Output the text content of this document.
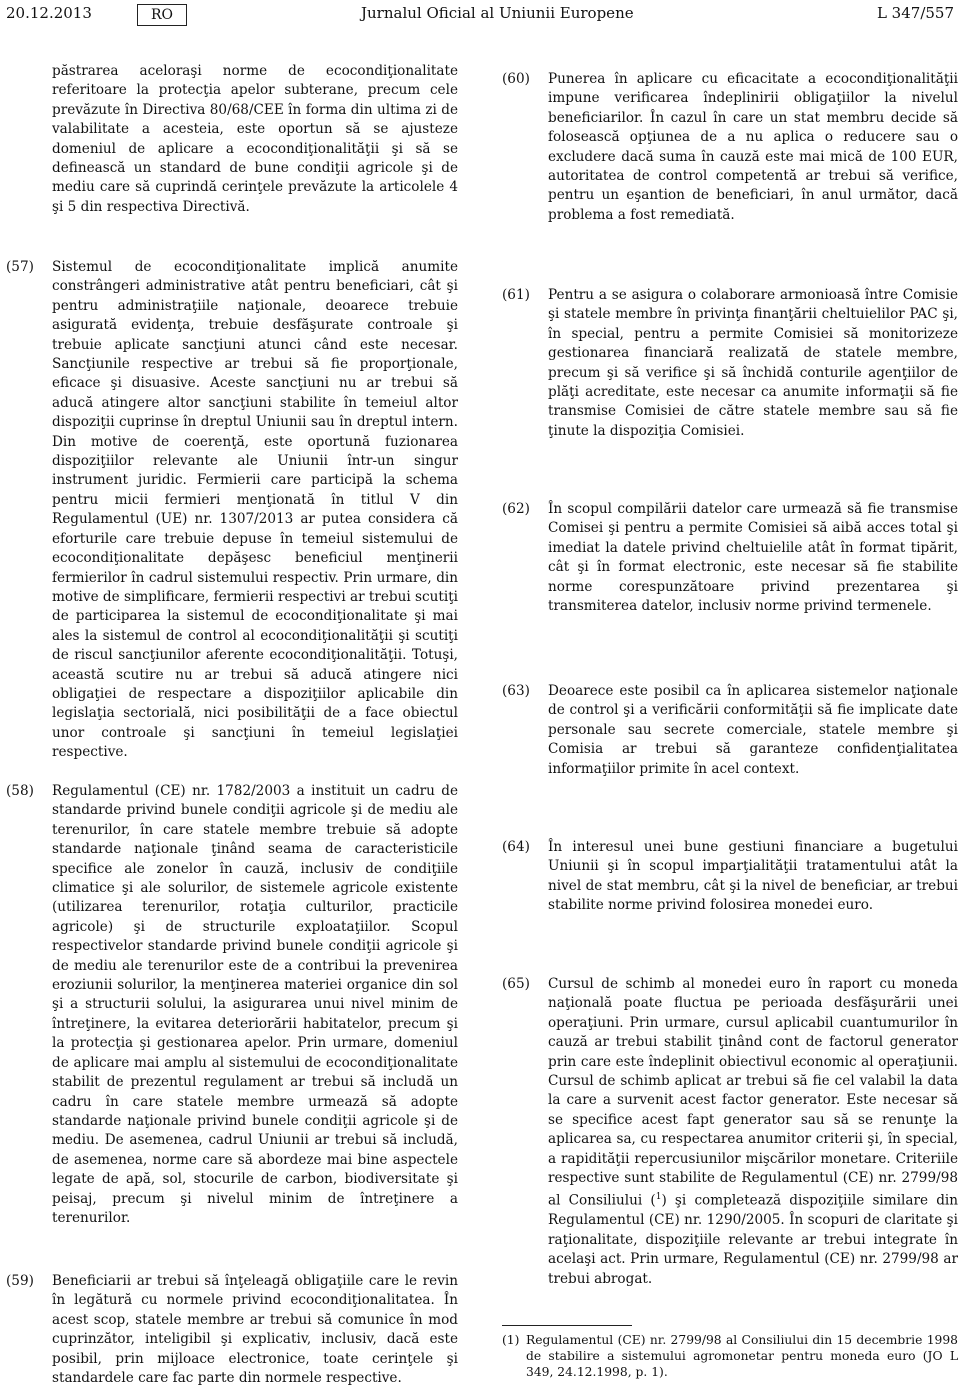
20.12.2013	RO	Jurnalul Oficial al Uniunii Europene	L 347/557
păstrarea aceloraşi norme de ecocondiţionalitate referitoare la protecţia apelor subterane, precum cele prevăzute în Directiva 80/68/CEE în forma din ultima zi de valabilitate a acesteia, este oportun să se ajusteze domeniul de aplicare a ecocondiţionalităţii şi să se definească un standard de bune condiţii agricole şi de mediu care să cuprindă cerinţele prevăzute la articolele 4 şi 5 din respectiva Directivă.
(57) Sistemul de ecocondiţionalitate implică anumite constrângeri administrative atât pentru beneficiari, cât şi pentru administraţiile naţionale, deoarece trebuie asigurată evidenţa, trebuie desfăşurate controale şi trebuie aplicate sancţiuni atunci când este necesar. Sancţiunile respective ar trebui să fie proporţionale, eficace şi disuasive. Aceste sancţiuni nu ar trebui să aducă atingere altor sancţiuni stabilite în temeiul altor dispoziţii cuprinse în dreptul Uniunii sau în dreptul intern. Din motive de coerenţă, este oportună fuzionarea dispoziţiilor relevante ale Uniunii într-un singur instrument juridic. Fermierii care participă la schema pentru micii fermieri menţionată în titlul V din Regulamentul (UE) nr. 1307/2013 ar putea considera că eforturile care trebuie depuse în temeiul sistemului de ecocondiţionalitate depăşesc beneficiul menţinerii fermierilor în cadrul sistemului respectiv. Prin urmare, din motive de simplificare, fermierii respectivi ar trebui scutiţi de participarea la sistemul de ecocondiţionalitate şi mai ales la sistemul de control al ecocondiţionalităţii şi scutiţi de riscul sancţiunilor aferente ecocondiţionalităţii. Totuşi, această scutire nu ar trebui să aducă atingere nici obligaţiei de respectare a dispoziţiilor aplicabile din legislaţia sectorială, nici posibilităţii de a face obiectul unor controale şi sancţiuni în temeiul legislaţiei respective.
(58) Regulamentul (CE) nr. 1782/2003 a instituit un cadru de standarde privind bunele condiţii agricole şi de mediu ale terenurilor, în care statele membre trebuie să adopte standarde naţionale ţinând seama de caracteristicile specifice ale zonelor în cauză, inclusiv de condiţiile climatice şi ale solurilor, de sistemele agricole existente (utilizarea terenurilor, rotaţia culturilor, practicile agricole) şi de structurile exploataţiilor. Scopul respectivelor standarde privind bunele condiţii agricole şi de mediu ale terenurilor este de a contribui la prevenirea eroziunii solurilor, la menţinerea materiei organice din sol şi a structurii solului, la asigurarea unui nivel minim de întreţinere, la evitarea deteriorării habitatelor, precum şi la protecţia şi gestionarea apelor. Prin urmare, domeniul de aplicare mai amplu al sistemului de ecocondiţionalitate stabilit de prezentul regulament ar trebui să includă un cadru în care statele membre urmează să adopte standarde naţionale privind bunele condiţii agricole şi de mediu. De asemenea, cadrul Uniunii ar trebui să includă, de asemenea, norme care să abordeze mai bine aspectele legate de apă, sol, stocurile de carbon, biodiversitate şi peisaj, precum şi nivelul minim de întreţinere a terenurilor.
(59) Beneficiarii ar trebui să înţeleagă obligaţiile care le revin în legătură cu normele privind ecocondiţionalitatea. În acest scop, statele membre ar trebui să comunice în mod cuprinzător, inteligibil şi explicativ, inclusiv, dacă este posibil, prin mijloace electronice, toate cerinţele şi standardele care fac parte din normele respective.
(60) Punerea în aplicare cu eficacitate a ecocondiţionalităţii impune verificarea îndeplinirii obligaţiilor la nivelul beneficiarilor. În cazul în care un stat membru decide să folosească opţiunea de a nu aplica o reducere sau o excludere dacă suma în cauză este mai mică de 100 EUR, autoritatea de control competentă ar trebui să verifice, pentru un eşantion de beneficiari, în anul următor, dacă problema a fost remediată.
(61) Pentru a se asigura o colaborare armonioasă între Comisie şi statele membre în privinţa finanţării cheltuielilor PAC şi, în special, pentru a permite Comisiei să monitorizeze gestionarea financiară realizată de statele membre, precum şi să verifice şi să închidă conturile agenţiilor de plăţi acreditate, este necesar ca anumite informaţii să fie transmise Comisiei de către statele membre sau să fie ţinute la dispoziţia Comisiei.
(62) În scopul compilării datelor care urmează să fie transmise Comisei şi pentru a permite Comisiei să aibă acces total şi imediat la datele privind cheltuielile atât în format tipărit, cât şi în format electronic, este necesar să fie stabilite norme corespunzătoare privind prezentarea şi transmiterea datelor, inclusiv norme privind termenele.
(63) Deoarece este posibil ca în aplicarea sistemelor naţionale de control şi a verificării conformităţii să fie implicate date personale sau secrete comerciale, statele membre şi Comisia ar trebui să garanteze confidenţialitatea informaţiilor primite în acel context.
(64) În interesul unei bune gestiuni financiare a bugetului Uniunii şi în scopul imparţialităţii tratamentului atât la nivel de stat membru, cât şi la nivel de beneficiar, ar trebui stabilite norme privind folosirea monedei euro.
(65) Cursul de schimb al monedei euro în raport cu moneda naţională poate fluctua pe perioada desfăşurării unei operaţiuni. Prin urmare, cursul aplicabil cuantumurilor în cauză ar trebui stabilit ţinând cont de factorul generator prin care este îndeplinit obiectivul economic al operaţiunii. Cursul de schimb aplicat ar trebui să fie cel valabil la data la care a survenit acest factor generator. Este necesar să se specifice acest fapt generator sau să se renunţe la aplicarea sa, cu respectarea anumitor criterii şi, în special, a rapidităţii repercusiunilor mişcărilor monetare. Criteriile respective sunt stabilite de Regulamentul (CE) nr. 2799/98 al Consiliului ($^1$) şi completează dispoziţiile similare din Regulamentul (CE) nr. 1290/2005. În scopuri de claritate şi raţionalitate, dispoziţiile relevante ar trebui integrate în acelaşi act. Prin urmare, Regulamentul (CE) nr. 2799/98 ar trebui abrogat.
(1) Regulamentul (CE) nr. 2799/98 al Consiliului din 15 decembrie 1998 de stabilire a sistemului agromonetar pentru moneda euro (JO L 349, 24.12.1998, p. 1).
